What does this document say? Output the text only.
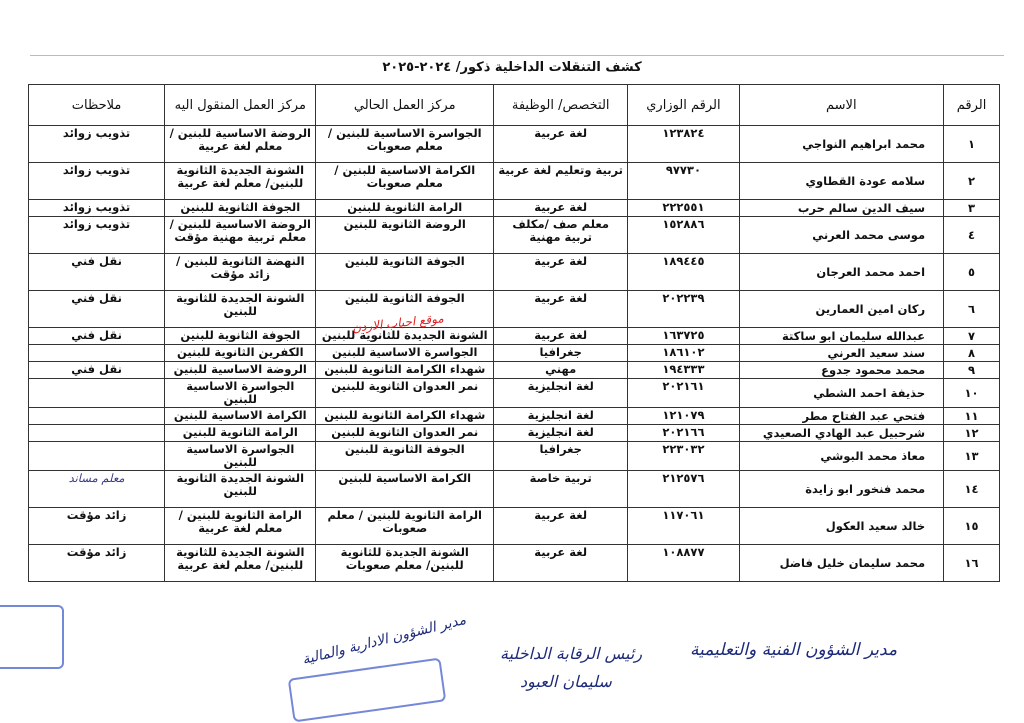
كشف التنقلات الداخلية ذكور/ ٢٠٢٤-٢٠٢٥
الرقم	الاسم	الرقم الوزاري	التخصص/ الوظيفة	مركز العمل الحالي	مركز العمل المنقول اليه	ملاحظات
١	محمد ابراهيم النواجي	١٢٣٨٢٤	لغة عربية	الجواسرة الاساسية للبنين / معلم صعوبات	الروضة الاساسية للبنين / معلم لغة عربية	تذويب زوائد
٢	سلامه عودة القطاوي	٩٧٧٣٠	تربية وتعليم لغة عربية	الكرامة الاساسية للبنين / معلم صعوبات	الشونة الجديدة الثانوية للبنين/ معلم لغة عربية	تذويب زوائد
٣	سيف الدين سالم حرب	٢٢٢٥٥١	لغة عربية	الرامة الثانوية للبنين	الجوفة الثانوية للبنين	تذويب زوائد
٤	موسى محمد العرني	١٥٢٨٨٦	معلم صف /مكلف تربية مهنية	الروضة الثانوية للبنين	الروضة الاساسية للبنين / معلم تربية مهنية مؤقت	تذويب زوائد
٥	احمد محمد العرجان	١٨٩٤٤٥	لغة عربية	الجوفة الثانوية للبنين	النهضة الثانوية للبنين / زائد مؤقت	نقل فني
٦	ركان امين العمارين	٢٠٢٢٣٩	لغة عربية	الجوفة الثانوية للبنين	الشونة الجديدة للثانوية للبنين	نقل فني
٧	عبدالله سليمان ابو ساكتة	١٦٣٧٢٥	لغة عربية	الشونة الجديدة للثانوية للبنين	الجوفة الثانوية للبنين	نقل فني
٨	سند سعيد العرني	١٨٦١٠٢	جغرافيا	الجواسرة الاساسية للبنين	الكفرين الثانوية للبنين	
٩	محمد محمود جدوع	١٩٤٣٣٣	مهني	شهداء الكرامة الثانوية للبنين	الروضة الاساسية للبنين	نقل فني
١٠	حذيفة احمد الشطي	٢٠٢١٦١	لغة انجليزية	نمر العدوان الثانوية للبنين	الجواسرة الاساسية للبنين	
١١	فتحي عبد الفتاح مطر	١٢١٠٧٩	لغة انجليزية	شهداء الكرامة الثانوية للبنين	الكرامة الاساسية للبنين	
١٢	شرحبيل عبد الهادي الصعيدي	٢٠٢١٦٦	لغة انجليزية	نمر العدوان الثانوية للبنين	الرامة الثانوية للبنين	
١٣	معاذ محمد البوشي	٢٢٣٠٣٢	جغرافيا	الجوفة الثانوية للبنين	الجواسرة الاساسية للبنين	
١٤	محمد فنخور ابو زايدة	٢١٢٥٧٦	تربية خاصة	الكرامة الاساسية للبنين	الشونة الجديدة الثانوية للبنين	معلم مساند
١٥	خالد سعيد العكول	١١٧٠٦١	لغة عربية	الرامة الثانوية للبنين / معلم صعوبات	الرامة الثانوية للبنين / معلم لغة عربية	زائد مؤقت
١٦	محمد سليمان خليل فاضل	١٠٨٨٧٧	لغة عربية	الشونة الجديدة للثانوية للبنين/ معلم صعوبات	الشونة الجديدة للثانوية للبنين/ معلم لغة عربية	زائد مؤقت
موقع احباب الاردن
مدير الشؤون الفنية والتعليمية
رئيس الرقابة الداخلية
مدير الشؤون الادارية والمالية
سليمان العبود
